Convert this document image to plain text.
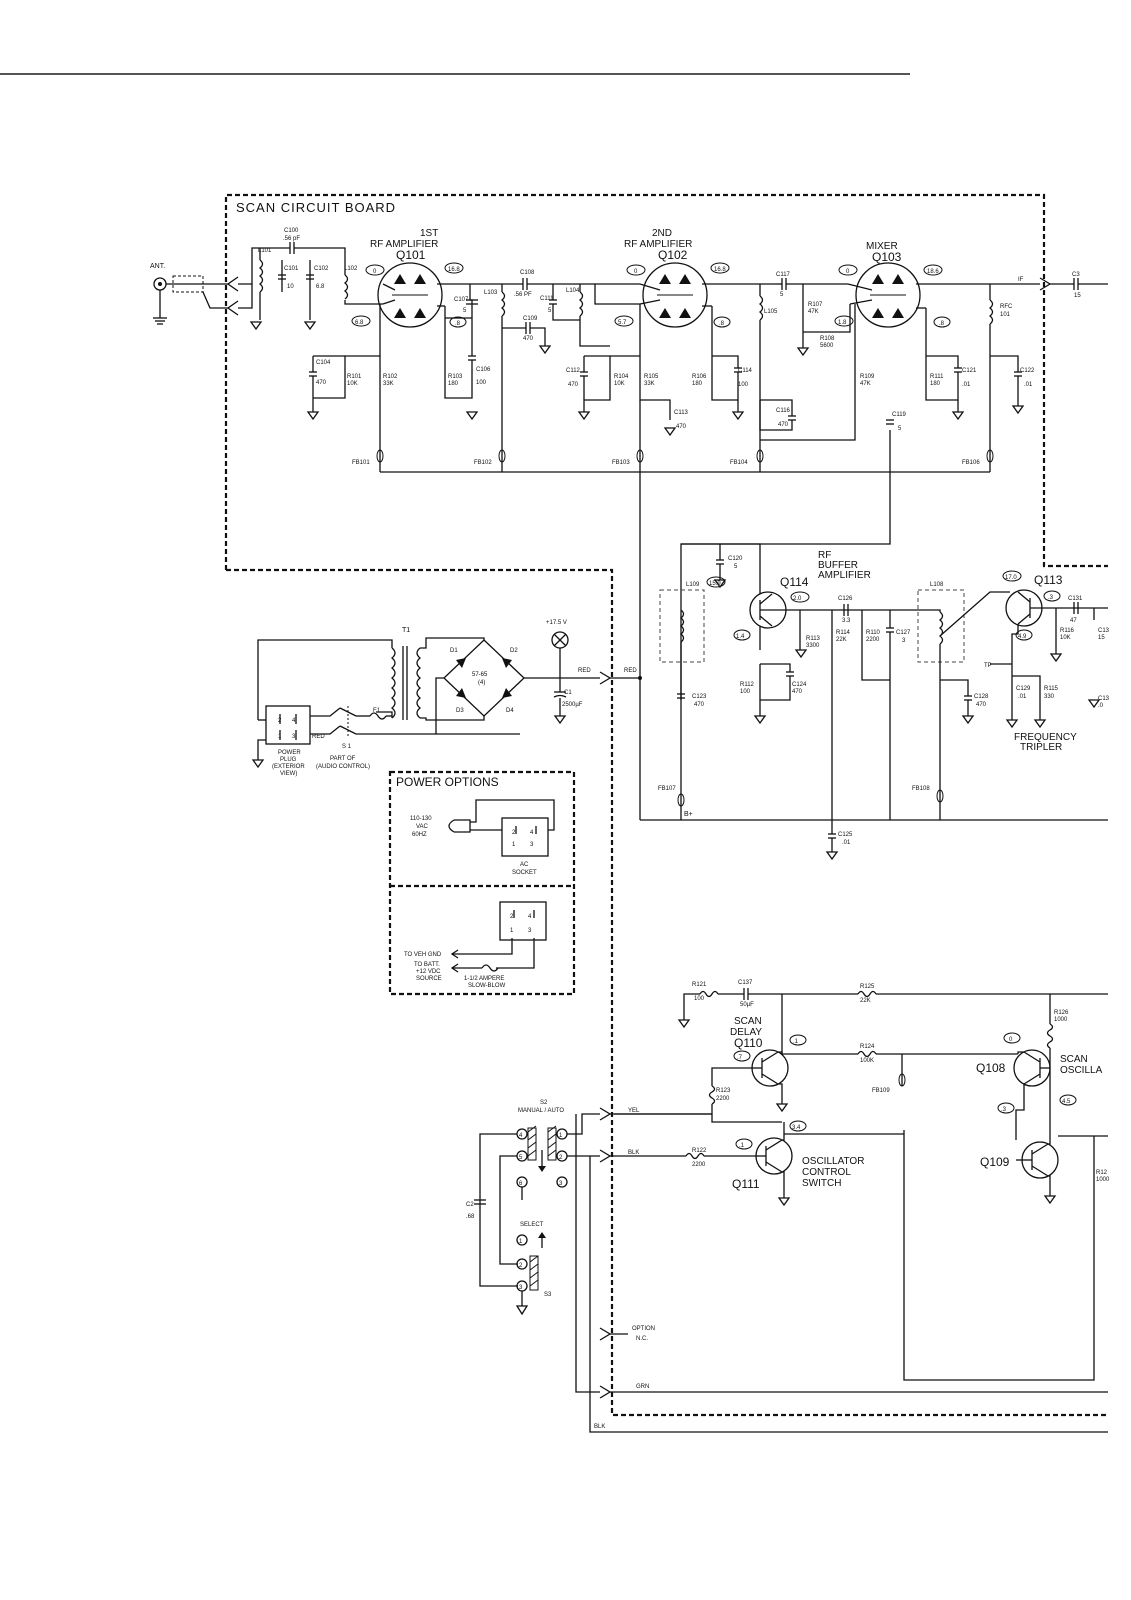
SCAN CIRCUIT BOARD
ANT.
C100
.56 pF
L101
C101
10
C102
6.8
L102
1ST
RF AMPLIFIER
Q101
C104
470
R101
10K
R102
33K
C107
5
R103
180
C106
100
L103
C108
.56 PF
C109
470
C111
5
L104
2ND
RF AMPLIFIER
Q102
C112
470
R104
10K
R105
33K
C113
470
R106
180
C114
100
C117
5
L105
R107
47K
R108
5600
C116
470
MIXER
Q103
R109
47K
C119
5
R111
180
C121
.01
RFC
101
C122
.01
IF
C3
15
FB101	FB102	FB103	FB104	FB106
0	16.8
6.8	.8
0	16.8
5.7	.8
0	18.6
1.8	.8
C120
5
RF
BUFFER
AMPLIFIER
Q114
15.9
2.0
1.4
L109
C123
470
FB107
B+
R113
3300
R112
100
C124
470
C126
3.3
R114
22K
R110
2200
C127
3
L108
C128
470
FB108
C125
.01
Q113
17.0
.3
4.9
C131
47
R116
10K
C13
15
TP
C129
.01
R115
330	C13
.0
FREQUENCY
TRIPLER
T1
D1	D2
D3	D4
57-65
(4)
+17.5 V
C1
2500µF
RED	RED
2 4
1 3	RED
F1
S 1
PART OF
(AUDIO CONTROL)
POWER
PLUG
(EXTERIOR
VIEW)
POWER OPTIONS
110-130
VAC
60HZ	2 4
1 3
AC
SOCKET
2 4
1 3
TO VEH GND
TO BATT.
+12 VDC
SOURCE	1-1/2 AMPERE
SLOW-BLOW	R121
100
C137
50µF
R125
22K
R126
1000
R124
100K
FB109
SCAN
DELAY
Q110	.1
.7
R123
2200
Q111
OSCILLATOR
CONTROL
SWITCH
3.4
.1
R122
2200
Q108
SCAN
OSCILLA
0
.3
Q109
4.5
R12
1000
S2
MANUAL / AUTO
4
5
6
1
2
3
C2
.68
SELECT
1
2
3
S3
YEL
BLK
OPTION
N.C.
GRN
BLK
